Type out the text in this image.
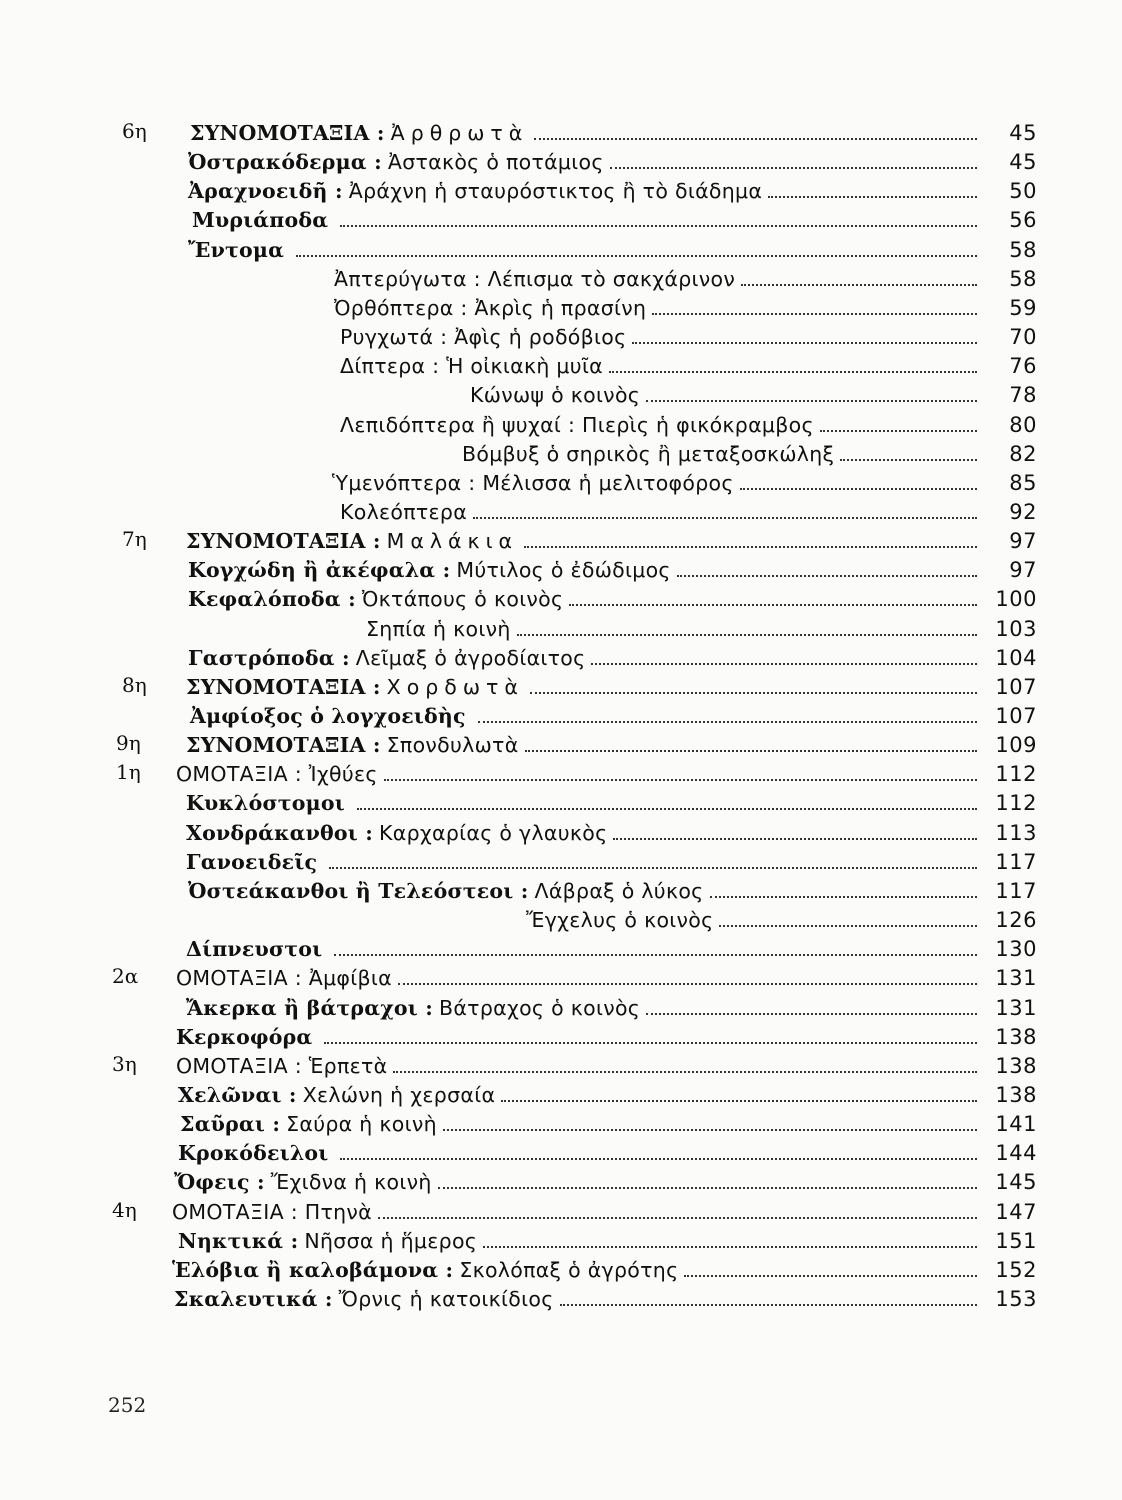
6η ΣΥΝΟΜΟΤΑΞΙΑ : Ἀρθρωτὰ	45
Ὀστρακόδερμα : Ἀστακὸς ὁ ποτάμιος	45
Ἀραχνοειδῆ : Ἀράχνη ἡ σταυρόστικτος ἢ τὸ διάδημα	50
Μυριάποδα	56
Ἔντομα	58
Ἀπτερύγωτα : Λέπισμα τὸ σακχάρινον	58
Ὀρθόπτερα : Ἀκρὶς ἡ πρασίνη	59
Ρυγχωτά : Ἀφὶς ἡ ροδόβιος	70
Δίπτερα : Ἡ οἰκιακὴ μυῖα	76
Κώνωψ ὁ κοινὸς	78
Λεπιδόπτερα ἢ ψυχαί : Πιερὶς ἡ φικόκραμβος	80
Βόμβυξ ὁ σηρικὸς ἢ μεταξοσκώληξ	82
Ὑμενόπτερα : Μέλισσα ἡ μελιτοφόρος	85
Κολεόπτερα	92
7η ΣΥΝΟΜΟΤΑΞΙΑ : Μαλάκια	97
Κογχώδη ἢ ἀκέφαλα : Μύτιλος ὁ ἐδώδιμος	97
Κεφαλόποδα : Ὀκτάπους ὁ κοινὸς	100
Σηπία ἡ κοινὴ	103
Γαστρόποδα : Λεῖμαξ ὁ ἀγροδίαιτος	104
8η ΣΥΝΟΜΟΤΑΞΙΑ : Χορδωτὰ	107
Ἀμφίοξος ὁ λογχοειδὴς	107
9η ΣΥΝΟΜΟΤΑΞΙΑ : Σπονδυλωτὰ	109
1η ΟΜΟΤΑΞΙΑ : Ἰχθύες	112
Κυκλόστομοι	112
Χονδράκανθοι : Καρχαρίας ὁ γλαυκὸς	113
Γανοειδεῖς	117
Ὀστεάκανθοι ἢ Τελεόστεοι : Λάβραξ ὁ λύκος	117
Ἔγχελυς ὁ κοινὸς	126
Δίπνευστοι	130
2α ΟΜΟΤΑΞΙΑ : Ἀμφίβια	131
Ἄκερκα ἢ βάτραχοι : Βάτραχος ὁ κοινὸς	131
Κερκοφόρα	138
3η ΟΜΟΤΑΞΙΑ : Ἑρπετὰ	138
Χελῶναι : Χελώνη ἡ χερσαία	138
Σαῦραι : Σαύρα ἡ κοινὴ	141
Κροκόδειλοι	144
Ὄφεις : Ἔχιδνα ἡ κοινὴ	145
4η ΟΜΟΤΑΞΙΑ : Πτηνὰ	147
Νηκτικά : Νῆσσα ἡ ἥμερος	151
Ἑλόβια ἢ καλοβάμονα : Σκολόπαξ ὁ ἀγρότης	152
Σκαλευτικά : Ὄρνις ἡ κατοικίδιος	153
252
